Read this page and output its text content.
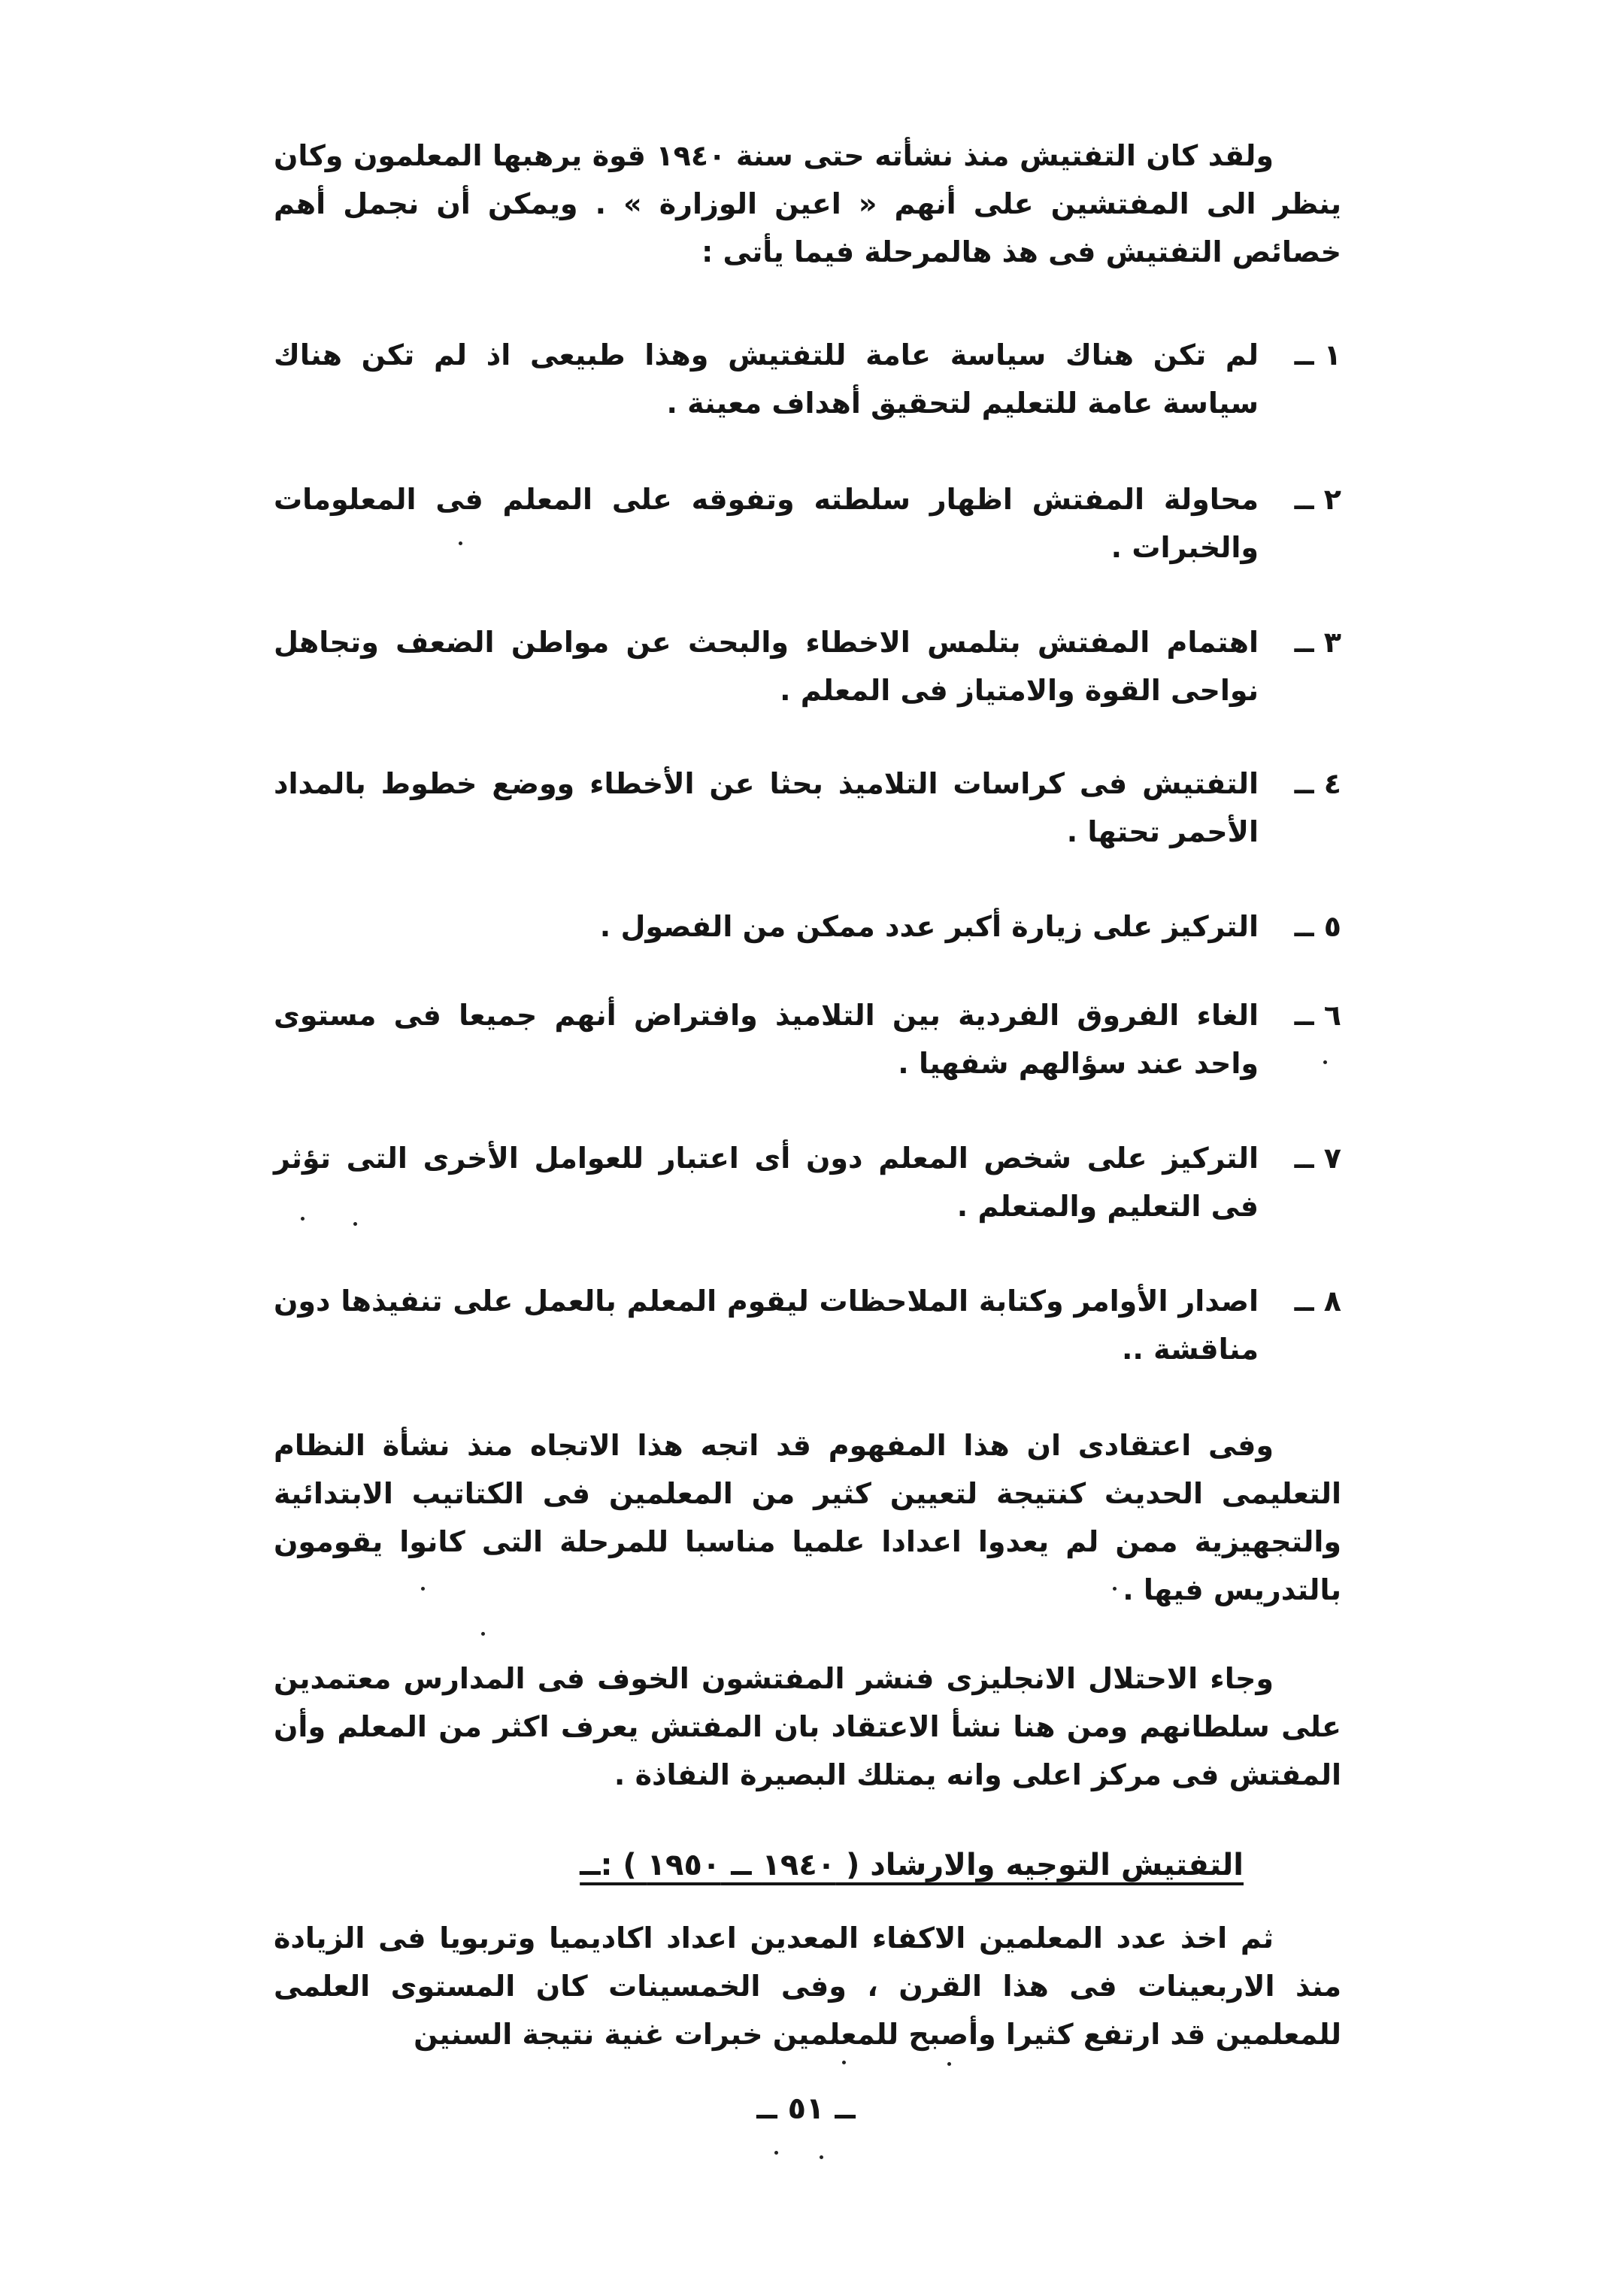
ولقد كان التفتيش منذ نشأته حتى سنة ١٩٤٠ قوة يرهبها المعلمون وكان ينظر الى المفتشين على أنهم « اعين الوزارة » . ويمكن أن نجمل أهم خصائص التفتيش فى هذ هالمرحلة فيما يأتى :

١ ــ
لم تكن هناك سياسة عامة للتفتيش وهذا طبيعى اذ لم تكن هناك سياسة عامة للتعليم لتحقيق أهداف معينة .
٢ ــ
محاولة المفتش اظهار سلطته وتفوقه على المعلم فى المعلومات والخبرات .
٣ ــ
اهتمام المفتش بتلمس الاخطاء والبحث عن مواطن الضعف وتجاهل نواحى القوة والامتياز فى المعلم .
٤ ــ
التفتيش فى كراسات التلاميذ بحثا عن الأخطاء ووضع خطوط بالمداد الأحمر تحتها .
٥ ــ
التركيز على زيارة أكبر عدد ممكن من الفصول .
٦ ــ
الغاء الفروق الفردية بين التلاميذ وافتراض أنهم جميعا فى مستوى واحد عند سؤالهم شفهيا .
٧ ــ
التركيز على شخص المعلم دون أى اعتبار للعوامل الأخرى التى تؤثر فى التعليم والمتعلم .
٨ ــ
اصدار الأوامر وكتابة الملاحظات ليقوم المعلم بالعمل على تنفيذها دون مناقشة ..

وفى اعتقادى ان هذا المفهوم قد اتجه هذا الاتجاه منذ نشأة النظام التعليمى الحديث كنتيجة لتعيين كثير من المعلمين فى الكتاتيب الابتدائية والتجهيزية ممن لم يعدوا اعدادا علميا مناسبا للمرحلة التى كانوا يقومون بالتدريس فيها .

وجاء الاحتلال الانجليزى فنشر المفتشون الخوف فى المدارس معتمدين على سلطانهم ومن هنا نشأ الاعتقاد بان المفتش يعرف اكثر من المعلم وأن المفتش فى مركز اعلى وانه يمتلك البصيرة النفاذة .

التفتيش التوجيه والارشاد ( ١٩٤٠ ــ ١٩٥٠ ) :ــ

ثم اخذ عدد المعلمين الاكفاء المعدين اعداد اكاديميا وتربويا فى الزيادة منذ الاربعينات فى هذا القرن ، وفى الخمسينات كان المستوى العلمى للمعلمين قد ارتفع كثيرا وأصبح للمعلمين خبرات غنية نتيجة السنين

ــ ٥١ ــ
